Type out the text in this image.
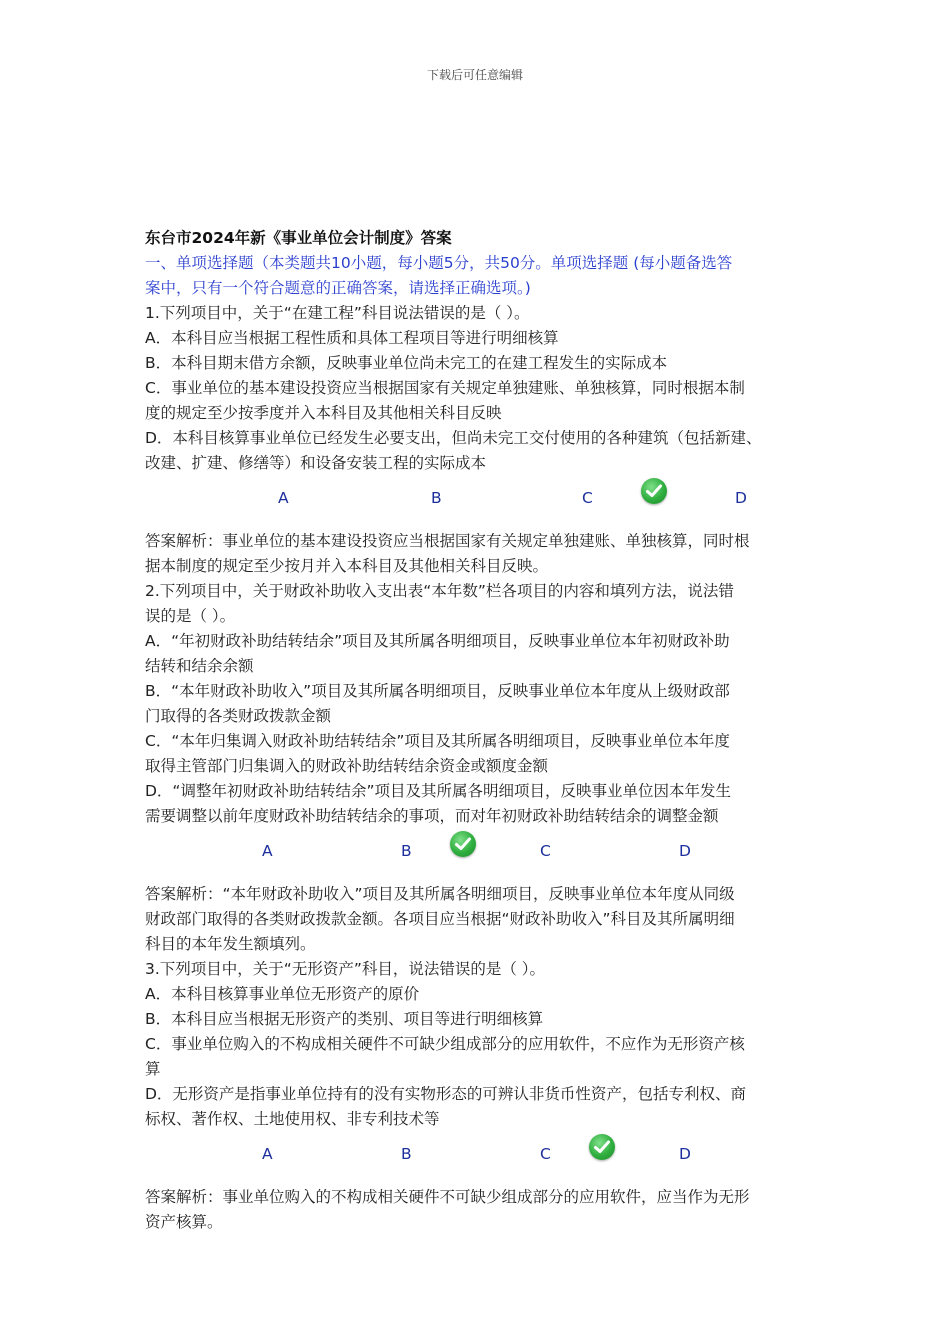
下载后可任意编辑

东台市2024年新《事业单位会计制度》答案

一、单项选择题（本类题共10小题，每小题5分，共50分。单项选择题 (每小题备选答

案中，只有一个符合题意的正确答案，请选择正确选项。)

1.下列项目中，关于“在建工程”科目说法错误的是（ ）。

A．本科目应当根据工程性质和具体工程项目等进行明细核算

B．本科目期末借方余额，反映事业单位尚未完工的在建工程发生的实际成本

C．事业单位的基本建设投资应当根据国家有关规定单独建账、单独核算，同时根据本制

度的规定至少按季度并入本科目及其他相关科目反映

D．本科目核算事业单位已经发生必要支出，但尚未完工交付使用的各种建筑（包括新建、

改建、扩建、修缮等）和设备安装工程的实际成本

A	B	C	D

答案解析：事业单位的基本建设投资应当根据国家有关规定单独建账、单独核算，同时根

据本制度的规定至少按月并入本科目及其他相关科目反映。

2.下列项目中，关于财政补助收入支出表“本年数”栏各项目的内容和填列方法，说法错

误的是（ ）。

A．“年初财政补助结转结余”项目及其所属各明细项目，反映事业单位本年初财政补助

结转和结余余额

B．“本年财政补助收入”项目及其所属各明细项目，反映事业单位本年度从上级财政部

门取得的各类财政拨款金额

C．“本年归集调入财政补助结转结余”项目及其所属各明细项目，反映事业单位本年度

取得主管部门归集调入的财政补助结转结余资金或额度金额

D．“调整年初财政补助结转结余”项目及其所属各明细项目，反映事业单位因本年发生

需要调整以前年度财政补助结转结余的事项，而对年初财政补助结转结余的调整金额

A	B	C	D

答案解析：“本年财政补助收入”项目及其所属各明细项目，反映事业单位本年度从同级

财政部门取得的各类财政拨款金额。各项目应当根据“财政补助收入”科目及其所属明细

科目的本年发生额填列。

3.下列项目中，关于“无形资产”科目，说法错误的是（ ）。

A．本科目核算事业单位无形资产的原价

B．本科目应当根据无形资产的类别、项目等进行明细核算

C．事业单位购入的不构成相关硬件不可缺少组成部分的应用软件，不应作为无形资产核

算

D．无形资产是指事业单位持有的没有实物形态的可辨认非货币性资产，包括专利权、商

标权、著作权、土地使用权、非专利技术等

A	B	C	D

答案解析：事业单位购入的不构成相关硬件不可缺少组成部分的应用软件，应当作为无形

资产核算。
